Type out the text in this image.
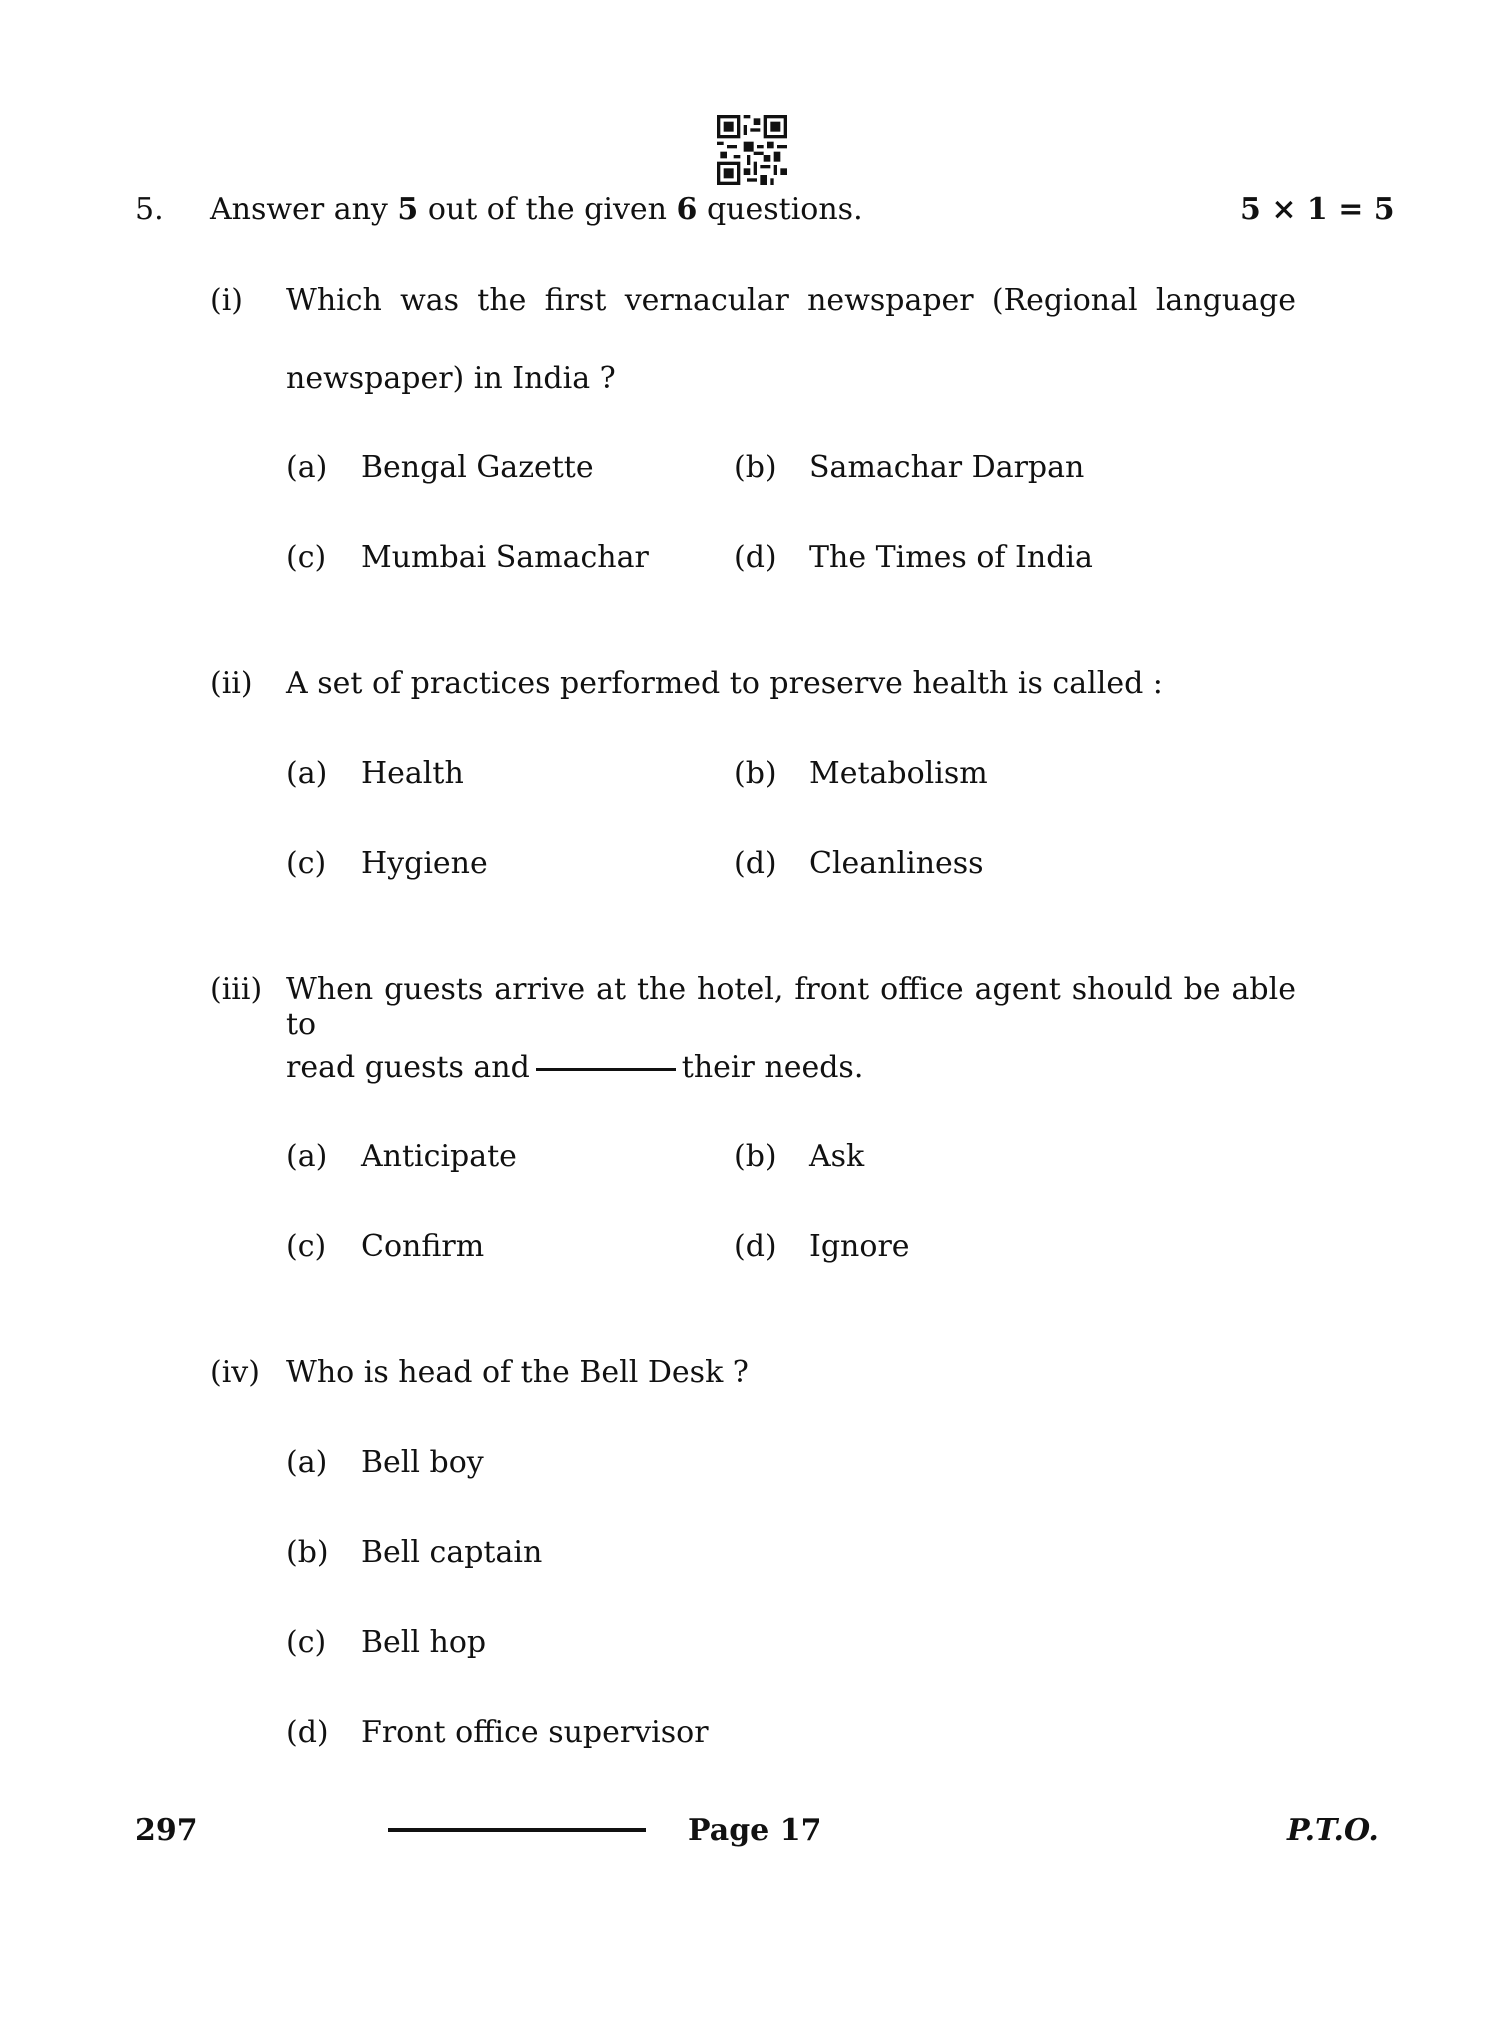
5. Answer any 5 out of the given 6 questions.	5 × 1 = 5
(i) Which was the first vernacular newspaper (Regional language
newspaper) in India ?
(a) Bengal Gazette	(b) Samachar Darpan
(c) Mumbai Samachar	(d) The Times of India
(ii) A set of practices performed to preserve health is called :
(a) Health	(b) Metabolism
(c) Hygiene	(d) Cleanliness
(iii) When guests arrive at the hotel, front office agent should be able to
read guests and	their needs.
(a) Anticipate	(b) Ask
(c) Confirm	(d) Ignore
(iv) Who is head of the Bell Desk ?
(a) Bell boy
(b) Bell captain
(c) Bell hop
(d) Front office supervisor
297	Page 17	P.T.O.
